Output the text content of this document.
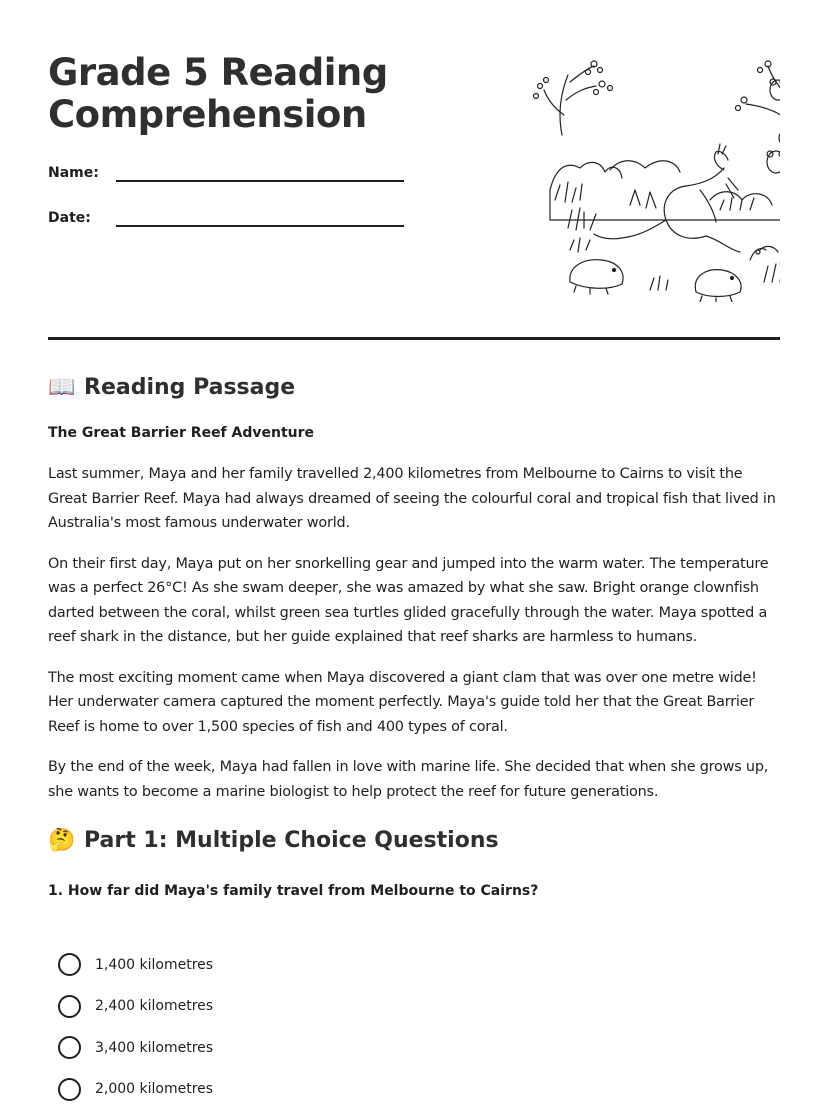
Grade 5 Reading Comprehension
Name:
Date:
📖 Reading Passage
The Great Barrier Reef Adventure

Last summer, Maya and her family travelled 2,400 kilometres from Melbourne to Cairns to visit the Great Barrier Reef. Maya had always dreamed of seeing the colourful coral and tropical fish that lived in Australia's most famous underwater world.

On their first day, Maya put on her snorkelling gear and jumped into the warm water. The temperature was a perfect 26°C! As she swam deeper, she was amazed by what she saw. Bright orange clownfish darted between the coral, whilst green sea turtles glided gracefully through the water. Maya spotted a reef shark in the distance, but her guide explained that reef sharks are harmless to humans.

The most exciting moment came when Maya discovered a giant clam that was over one metre wide! Her underwater camera captured the moment perfectly. Maya's guide told her that the Great Barrier Reef is home to over 1,500 species of fish and 400 types of coral.

By the end of the week, Maya had fallen in love with marine life. She decided that when she grows up, she wants to become a marine biologist to help protect the reef for future generations.

🤔 Part 1: Multiple Choice Questions
1. How far did Maya's family travel from Melbourne to Cairns?
1,400 kilometres
2,400 kilometres
3,400 kilometres
2,000 kilometres
